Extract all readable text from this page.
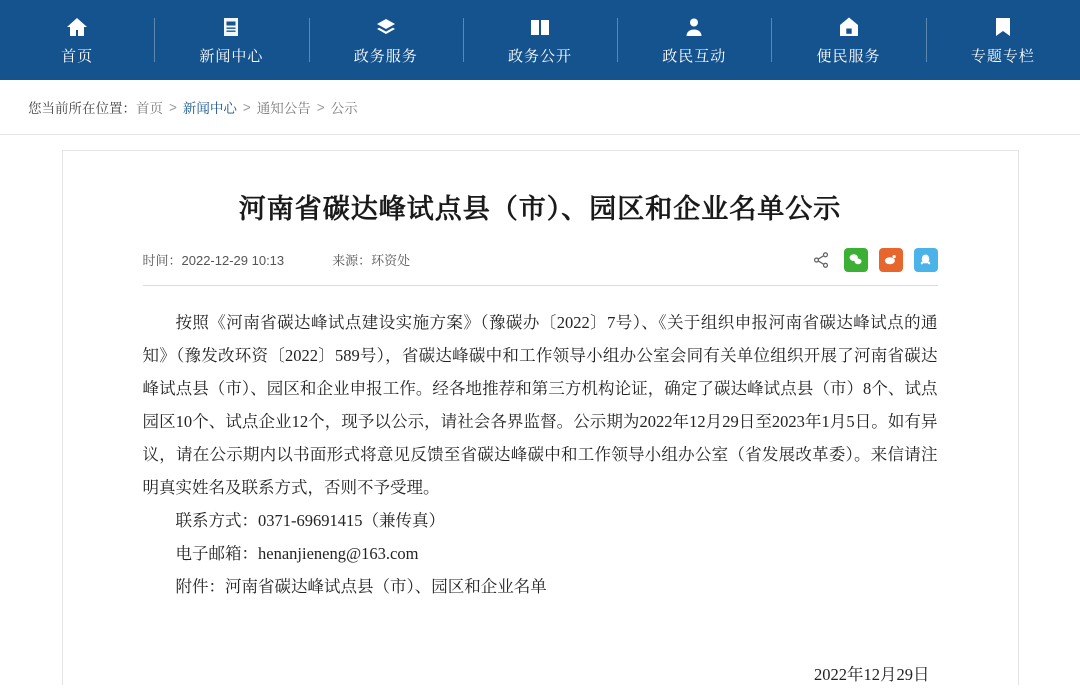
首页	新闻中心	政务服务	政务公开	政民互动	便民服务	专题专栏
您当前所在位置： 首页 > 新闻中心 > 通知公告 > 公示
河南省碳达峰试点县（市）、园区和企业名单公示
时间：2022-12-29 10:13	来源：环资处

按照《河南省碳达峰试点建设实施方案》（豫碳办〔2022〕7号）、《关于组织申报河南省碳达峰试点的通知》（豫发改环资〔2022〕589号），省碳达峰碳中和工作领导小组办公室会同有关单位组织开展了河南省碳达峰试点县（市）、园区和企业申报工作。经各地推荐和第三方机构论证，确定了碳达峰试点县（市）8个、试点园区10个、试点企业12个，现予以公示，请社会各界监督。公示期为2022年12月29日至2023年1月5日。如有异议，请在公示期内以书面形式将意见反馈至省碳达峰碳中和工作领导小组办公室（省发展改革委）。来信请注明真实姓名及联系方式，否则不予受理。

联系方式：0371-69691415（兼传真）

电子邮箱：henanjieneng@163.com

附件：河南省碳达峰试点县（市）、园区和企业名单

2022年12月29日
